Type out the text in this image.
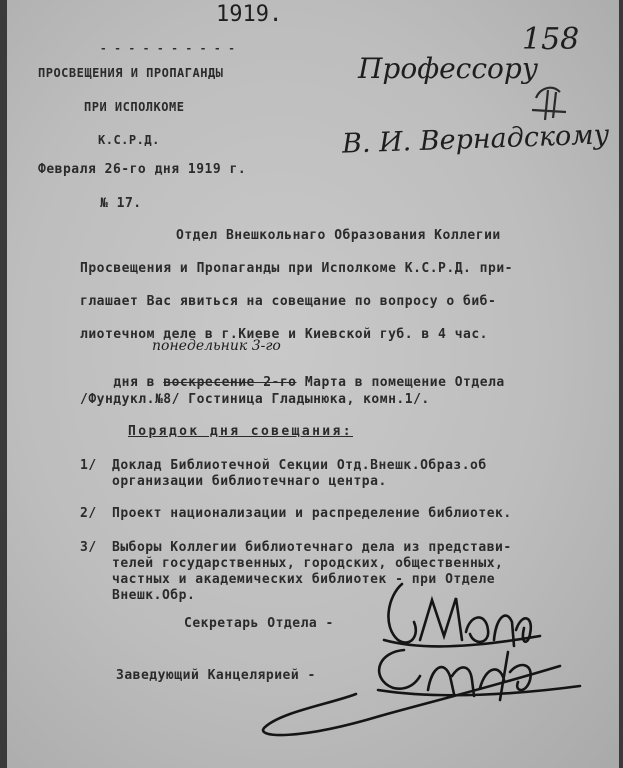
1919.
- - - - - - - - - -
ПРОСВЕЩЕНИЯ И ПРОПАГАНДЫ
ПРИ ИСПОЛКОМЕ
К.С.Р.Д.
Февраля 26-го дня 1919 г.
№ 17.
158
Профессору
В. И. Вернадскому
Отдел Внешкольнаго Образования Коллегии
Просвещения и Пропаганды при Исполкоме К.С.Р.Д. при-
глашает Вас явиться на совещание по вопросу о биб-
лиотечном деле в г.Киеве и Киевской губ. в 4 час.
понедельник 3-го

дня в воскресение 2-го Марта в помещение Отдела

/Фундукл.№8/ Гостиница Гладынюка, комн.1/.
Порядок дня совещания:
1/ Доклад Библиотечной Секции Отд.Внешк.Образ.об
организации библиотечнаго центра.
2/ Проект национализации и распределение библиотек.
3/ Выборы Коллегии библиотечнаго дела из представи-
телей государственных, городских, общественных,
частных и академических библиотек - при Отделе
Внешк.Обр.
Секретарь Отдела -
Заведующий Канцелярией -
